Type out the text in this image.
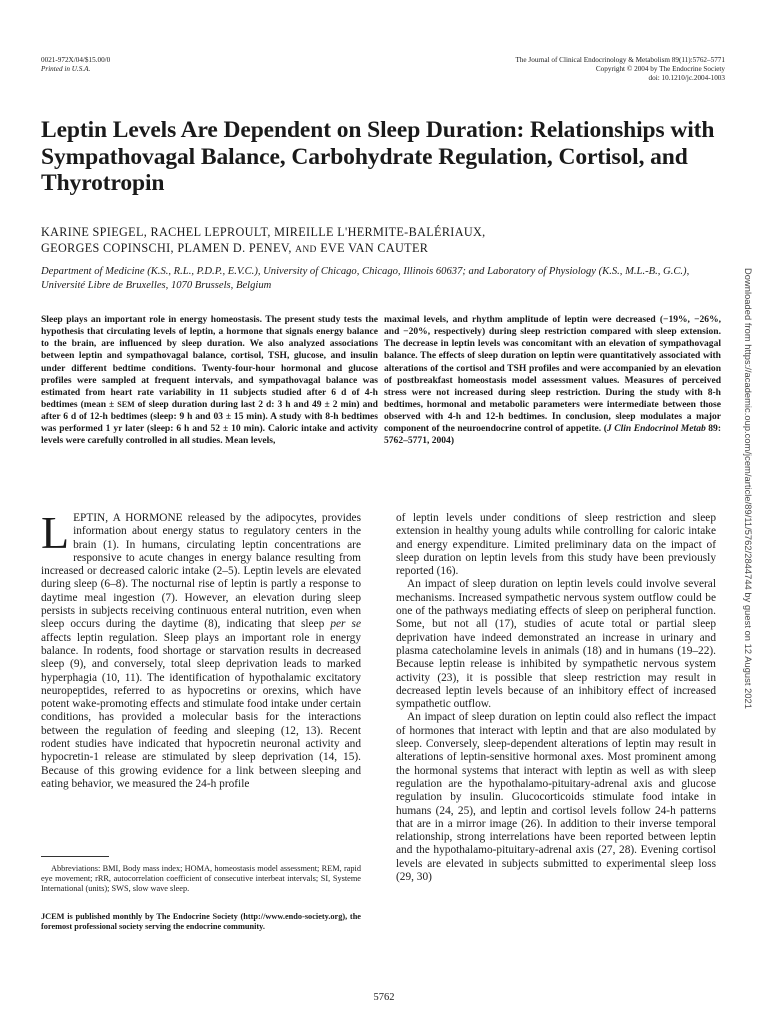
0021-972X/04/$15.00/0
Printed in U.S.A.
The Journal of Clinical Endocrinology & Metabolism 89(11):5762–5771
Copyright © 2004 by The Endocrine Society
doi: 10.1210/jc.2004-1003
Leptin Levels Are Dependent on Sleep Duration: Relationships with Sympathovagal Balance, Carbohydrate Regulation, Cortisol, and Thyrotropin
KARINE SPIEGEL, RACHEL LEPROULT, MIREILLE L'HERMITE-BALÉRIAUX,
GEORGES COPINSCHI, PLAMEN D. PENEV, AND EVE VAN CAUTER
Department of Medicine (K.S., R.L., P.D.P., E.V.C.), University of Chicago, Chicago, Illinois 60637; and Laboratory of Physiology (K.S., M.L.-B., G.C.), Université Libre de Bruxelles, 1070 Brussels, Belgium
Sleep plays an important role in energy homeostasis. The present study tests the hypothesis that circulating levels of leptin, a hormone that signals energy balance to the brain, are influenced by sleep duration. We also analyzed associations between leptin and sympathovagal balance, cortisol, TSH, glucose, and insulin under different bedtime conditions. Twenty-four-hour hormonal and glucose profiles were sampled at frequent intervals, and sympathovagal balance was estimated from heart rate variability in 11 subjects studied after 6 d of 4-h bedtimes (mean ± SEM of sleep duration during last 2 d: 3 h and 49 ± 2 min) and after 6 d of 12-h bedtimes (sleep: 9 h and 03 ± 15 min). A study with 8-h bedtimes was performed 1 yr later (sleep: 6 h and 52 ± 10 min). Caloric intake and activity levels were carefully controlled in all studies. Mean levels,
maximal levels, and rhythm amplitude of leptin were decreased (−19%, −26%, and −20%, respectively) during sleep restriction compared with sleep extension. The decrease in leptin levels was concomitant with an elevation of sympathovagal balance. The effects of sleep duration on leptin were quantitatively associated with alterations of the cortisol and TSH profiles and were accompanied by an elevation of postbreakfast homeostasis model assessment values. Measures of perceived stress were not increased during sleep restriction. During the study with 8-h bedtimes, hormonal and metabolic parameters were intermediate between those observed with 4-h and 12-h bedtimes. In conclusion, sleep modulates a major component of the neuroendocrine control of appetite. (J Clin Endocrinol Metab 89: 5762–5771, 2004)

LEPTIN, A HORMONE released by the adipocytes, provides information about energy status to regulatory centers in the brain (1). In humans, circulating leptin concentrations are responsive to acute changes in energy balance resulting from increased or decreased caloric intake (2–5). Leptin levels are elevated during sleep (6–8). The nocturnal rise of leptin is partly a response to daytime meal ingestion (7). However, an elevation during sleep persists in subjects receiving continuous enteral nutrition, even when sleep occurs during the daytime (8), indicating that sleep per se affects leptin regulation. Sleep plays an important role in energy balance. In rodents, food shortage or starvation results in decreased sleep (9), and conversely, total sleep deprivation leads to marked hyperphagia (10, 11). The identification of hypothalamic excitatory neuropeptides, referred to as hypocretins or orexins, which have potent wake-promoting effects and stimulate food intake under certain conditions, has provided a molecular basis for the interactions between the regulation of feeding and sleeping (12, 13). Recent rodent studies have indicated that hypocretin neuronal activity and hypocretin-1 release are stimulated by sleep deprivation (14, 15). Because of this growing evidence for a link between sleeping and eating behavior, we measured the 24-h profile

of leptin levels under conditions of sleep restriction and sleep extension in healthy young adults while controlling for caloric intake and energy expenditure. Limited preliminary data on the impact of sleep duration on leptin levels from this study have been previously reported (16).

An impact of sleep duration on leptin levels could involve several mechanisms. Increased sympathetic nervous system outflow could be one of the pathways mediating effects of sleep on peripheral function. Some, but not all (17), studies of acute total or partial sleep deprivation have indeed demonstrated an increase in urinary and plasma catecholamine levels in animals (18) and in humans (19–22). Because leptin release is inhibited by sympathetic nervous system activity (23), it is possible that sleep restriction may result in decreased leptin levels because of an inhibitory effect of increased sympathetic outflow.

An impact of sleep duration on leptin could also reflect the impact of hormones that interact with leptin and that are also modulated by sleep. Conversely, sleep-dependent alterations of leptin may result in alterations of leptin-sensitive hormonal axes. Most prominent among the hormonal systems that interact with leptin as well as with sleep regulation are the hypothalamo-pituitary-adrenal axis and glucose regulation by insulin. Glucocorticoids stimulate food intake in humans (24, 25), and leptin and cortisol levels follow 24-h patterns that are in a mirror image (26). In addition to their inverse temporal relationship, strong interrelations have been reported between leptin and the hypothalamo-pituitary-adrenal axis (27, 28). Evening cortisol levels are elevated in subjects submitted to experimental sleep loss (29, 30)

Abbreviations: BMI, Body mass index; HOMA, homeostasis model assessment; REM, rapid eye movement; rRR, autocorrelation coefficient of consecutive interbeat intervals; SI, Systeme International (units); SWS, slow wave sleep.
JCEM is published monthly by The Endocrine Society (http://www.endo-society.org), the foremost professional society serving the endocrine community.
5762
Downloaded from https://academic.oup.com/jcem/article/89/11/5762/2844744 by guest on 12 August 2021
